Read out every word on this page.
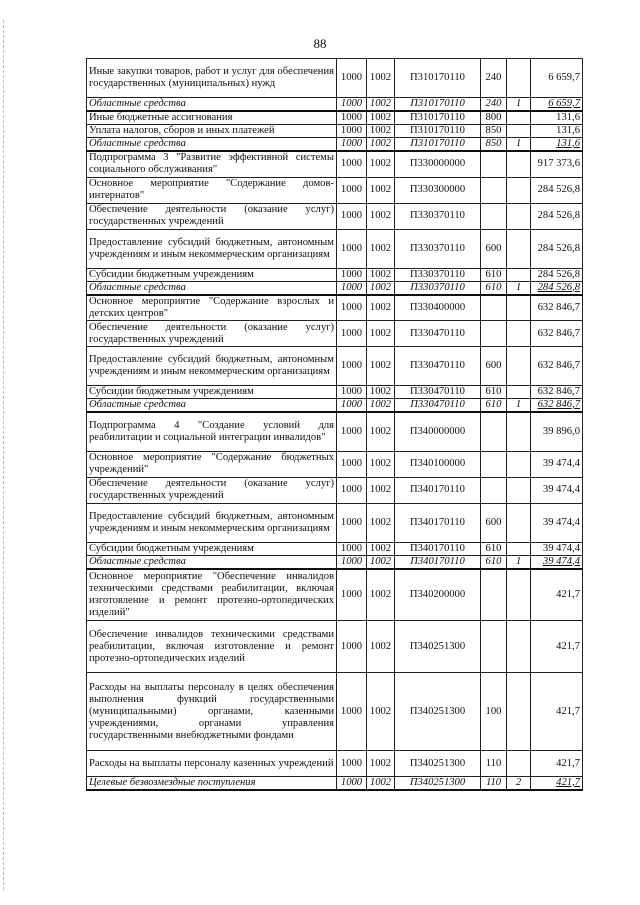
88
Иные закупки товаров, работ и услуг для обеспечения государственных (муниципальных) нужд	1000	1002	П310170110	240		6 659,7
Областные средства	1000	1002	П310170110	240	1	6 659,7
Иные бюджетные ассигнования	1000	1002	П310170110	800		131,6
Уплата налогов, сборов и иных платежей	1000	1002	П310170110	850		131,6
Областные средства	1000	1002	П310170110	850	1	131,6
Подпрограмма 3 "Развитие эффективной системы социального обслуживания"	1000	1002	П330000000			917 373,6
Основное мероприятие "Содержание домов-интернатов"	1000	1002	П330300000			284 526,8
Обеспечение деятельности (оказание услуг) государственных учреждений	1000	1002	П330370110			284 526,8
Предоставление субсидий бюджетным, автономным учреждениям и иным некоммерческим организациям	1000	1002	П330370110	600		284 526,8
Субсидии бюджетным учреждениям	1000	1002	П330370110	610		284 526,8
Областные средства	1000	1002	П330370110	610	1	284 526,8
Основное мероприятие "Содержание взрослых и детских центров"	1000	1002	П330400000			632 846,7
Обеспечение деятельности (оказание услуг) государственных учреждений	1000	1002	П330470110			632 846,7
Предоставление субсидий бюджетным, автономным учреждениям и иным некоммерческим организациям	1000	1002	П330470110	600		632 846,7
Субсидии бюджетным учреждениям	1000	1002	П330470110	610		632 846,7
Областные средства	1000	1002	П330470110	610	1	632 846,7
Подпрограмма 4 "Создание условий для реабилитации и социальной интеграции инвалидов"	1000	1002	П340000000			39 896,0
Основное мероприятие "Содержание бюджетных учреждений"	1000	1002	П340100000			39 474,4
Обеспечение деятельности (оказание услуг) государственных учреждений	1000	1002	П340170110			39 474,4
Предоставление субсидий бюджетным, автономным учреждениям и иным некоммерческим организациям	1000	1002	П340170110	600		39 474,4
Субсидии бюджетным учреждениям	1000	1002	П340170110	610		39 474,4
Областные средства	1000	1002	П340170110	610	1	39 474,4
Основное мероприятие "Обеспечение инвалидов техническими средствами реабилитации, включая изготовление и ремонт протезно-ортопедических изделий"	1000	1002	П340200000			421,7
Обеспечение инвалидов техническими средствами реабилитации, включая изготовление и ремонт протезно-ортопедических изделий	1000	1002	П340251300			421,7
Расходы на выплаты персоналу в целях обеспечения выполнения функций государственными (муниципальными) органами, казенными учреждениями, органами управления государственными внебюджетными фондами	1000	1002	П340251300	100		421,7
Расходы на выплаты персоналу казенных учреждений	1000	1002	П340251300	110		421,7
Целевые безвозмездные поступления	1000	1002	П340251300	110	2	421,7
